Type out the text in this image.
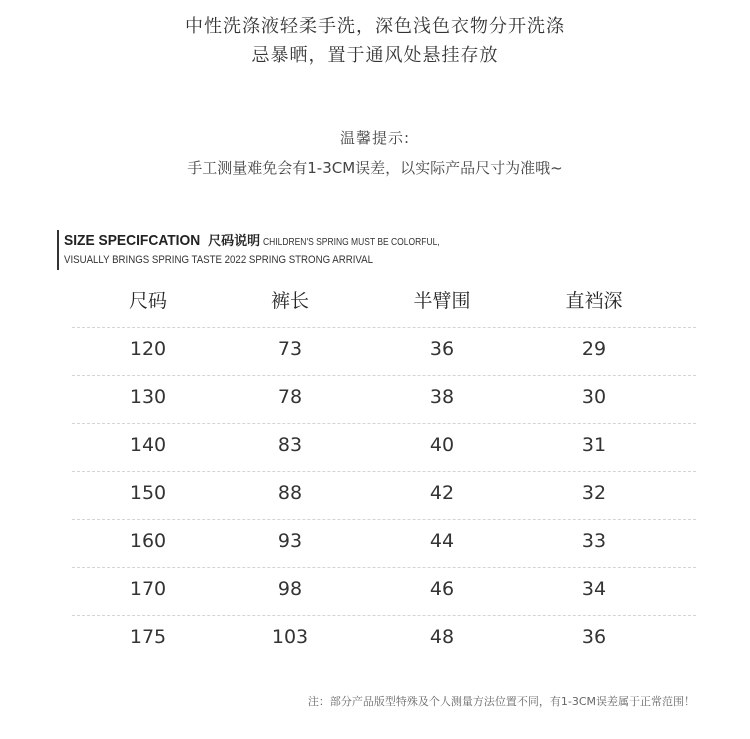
中性洗涤液轻柔手洗，深色浅色衣物分开洗涤
忌暴晒，置于通风处悬挂存放
温馨提示:
手工测量难免会有1-3CM误差，以实际产品尺寸为准哦~
SIZE SPECIFCATION 尺码说明 CHILDREN'S SPRING MUST BE COLORFUL,
VISUALLY BRINGS SPRING TASTE 2022 SPRING STRONG ARRIVAL
尺码	裤长	半臂围	直裆深
120	73	36	29
130	78	38	30
140	83	40	31
150	88	42	32
160	93	44	33
170	98	46	34
175	103	48	36
注：部分产品版型特殊及个人测量方法位置不同，有1-3CM误差属于正常范围！
